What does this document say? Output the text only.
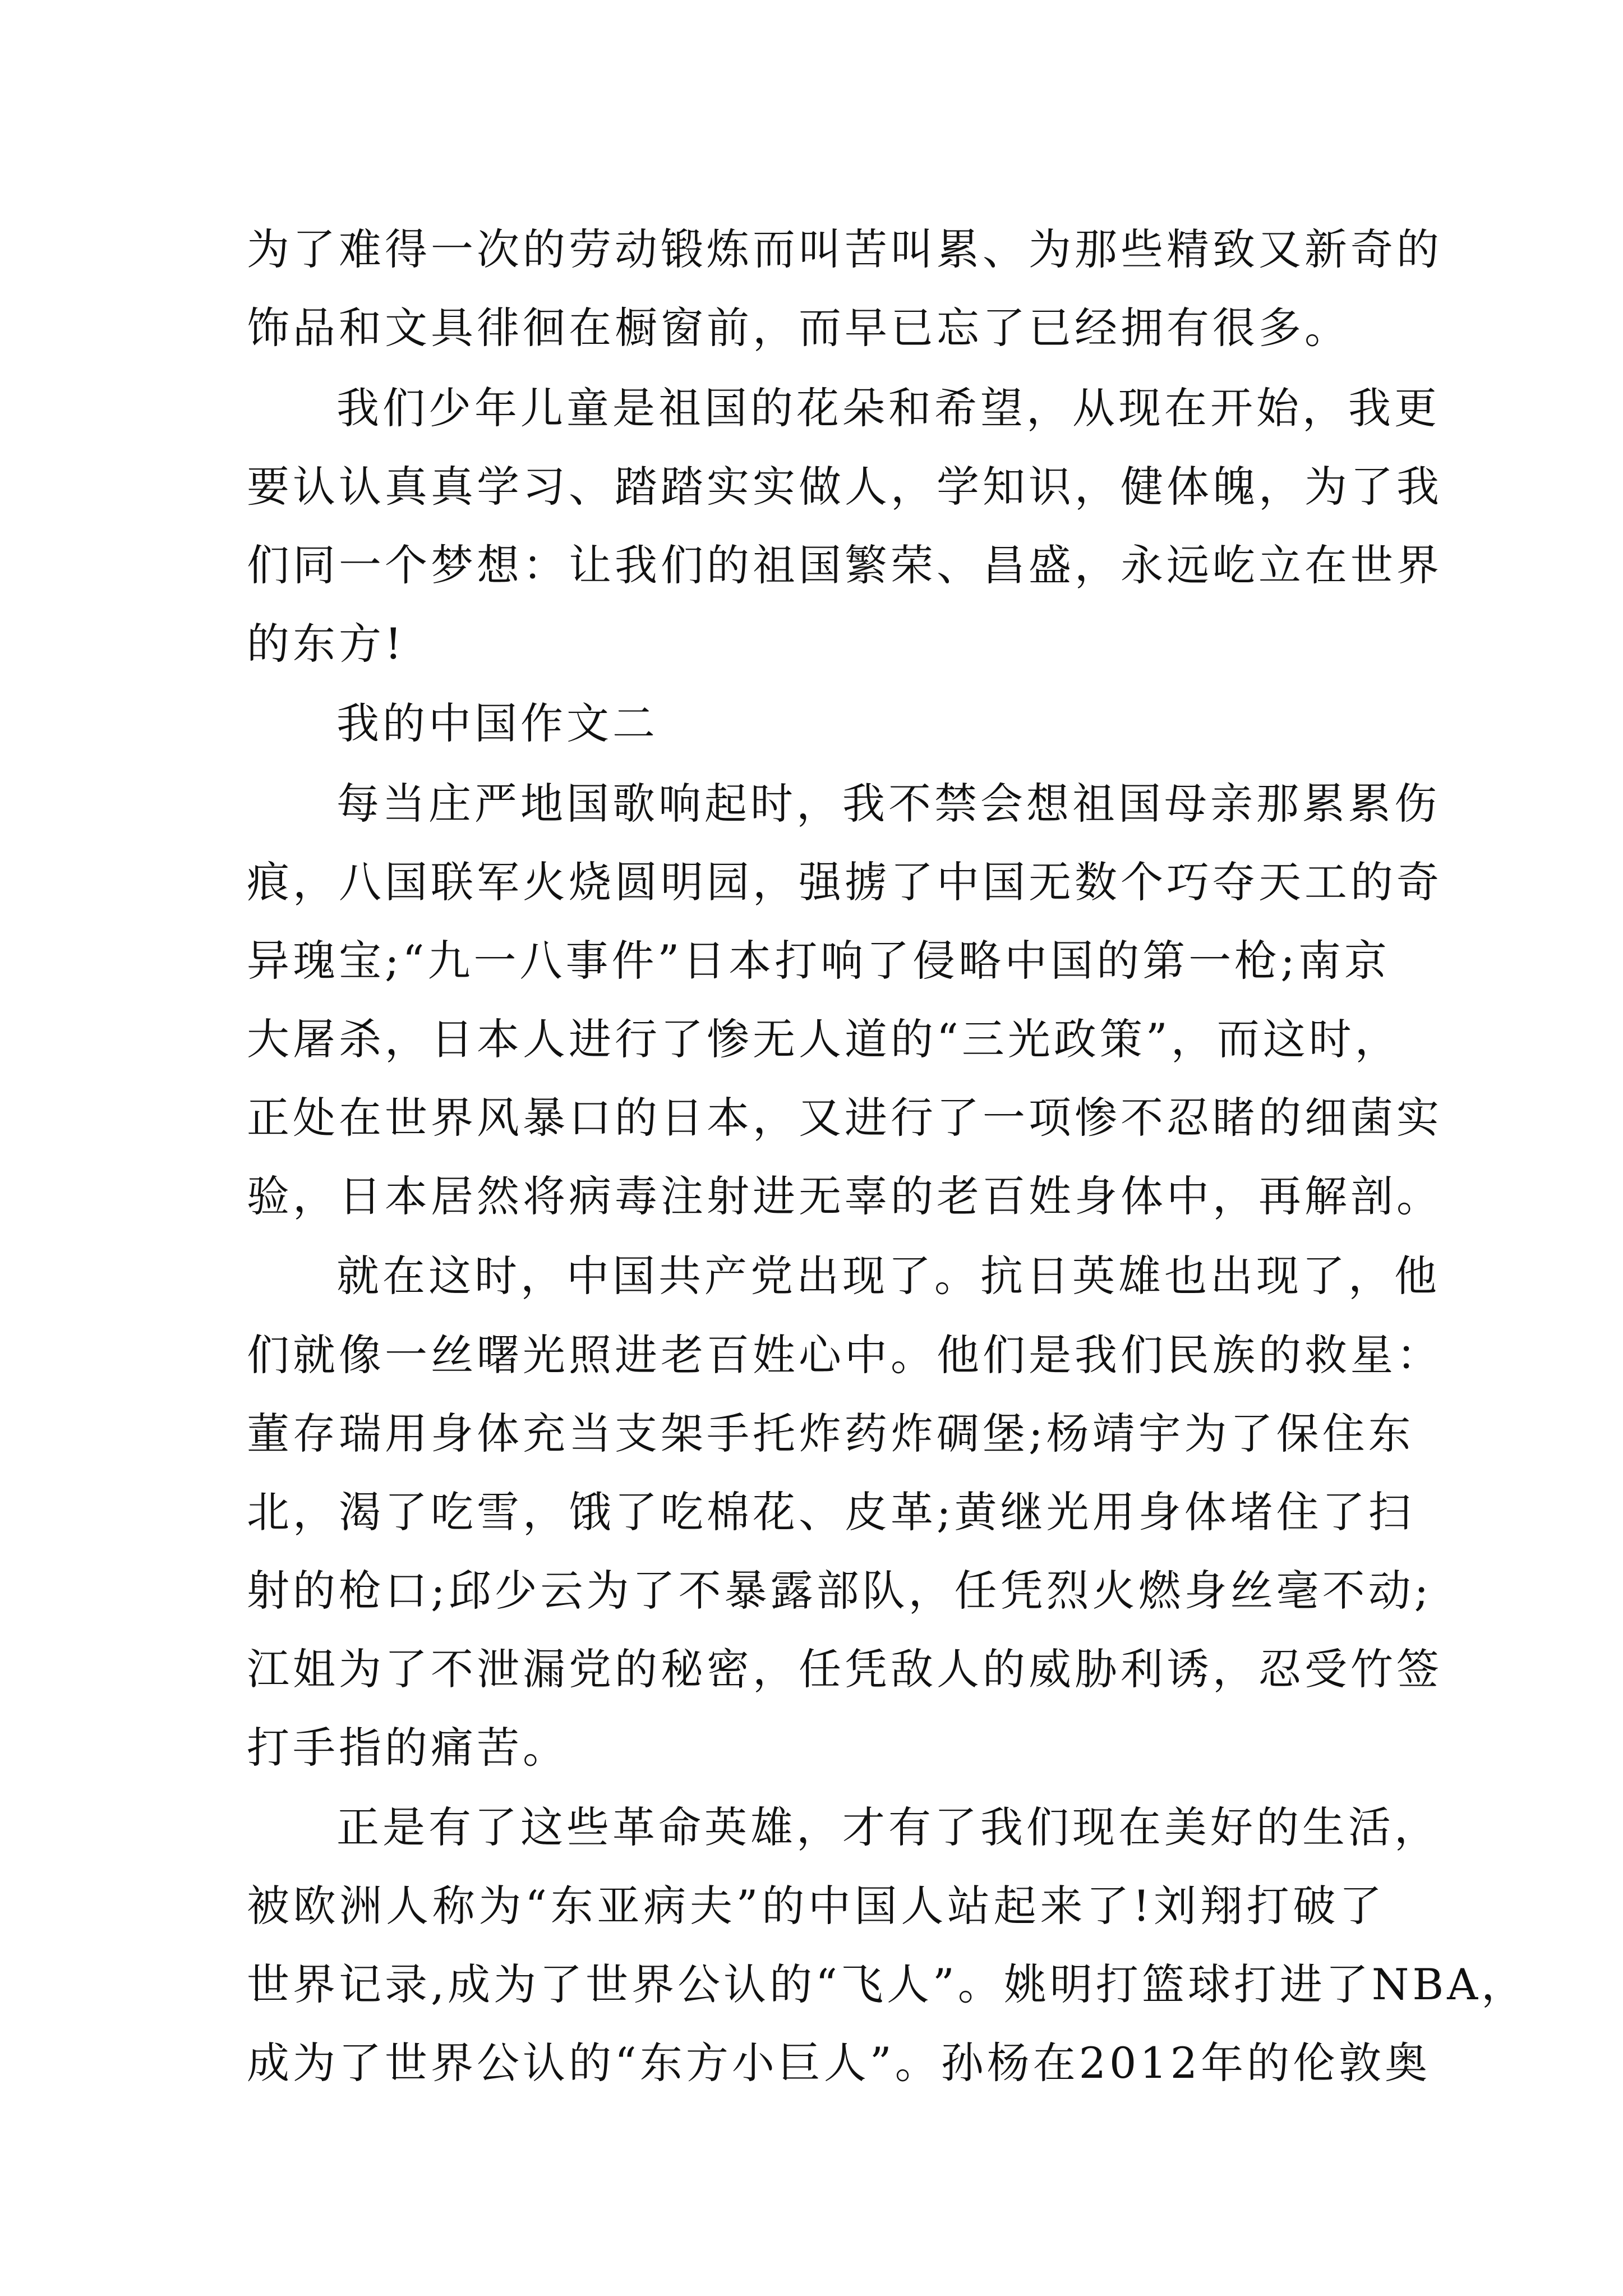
为了难得一次的劳动锻炼而叫苦叫累、为那些精致又新奇的
饰品和文具徘徊在橱窗前，而早已忘了已经拥有很多。
我们少年儿童是祖国的花朵和希望，从现在开始，我更
要认认真真学习、踏踏实实做人，学知识，健体魄，为了我
们同一个梦想：让我们的祖国繁荣、昌盛，永远屹立在世界
的东方!
我的中国作文二
每当庄严地国歌响起时，我不禁会想祖国母亲那累累伤
痕，八国联军火烧圆明园，强掳了中国无数个巧夺天工的奇
异瑰宝;“九一八事件”日本打响了侵略中国的第一枪;南京
大屠杀，日本人进行了惨无人道的“三光政策”，而这时，
正处在世界风暴口的日本，又进行了一项惨不忍睹的细菌实
验，日本居然将病毒注射进无辜的老百姓身体中，再解剖。
就在这时，中国共产党出现了。抗日英雄也出现了，他
们就像一丝曙光照进老百姓心中。他们是我们民族的救星：
董存瑞用身体充当支架手托炸药炸碉堡;杨靖宇为了保住东
北，渴了吃雪，饿了吃棉花、皮革;黄继光用身体堵住了扫
射的枪口;邱少云为了不暴露部队，任凭烈火燃身丝毫不动;
江姐为了不泄漏党的秘密，任凭敌人的威胁利诱，忍受竹签
打手指的痛苦。
正是有了这些革命英雄，才有了我们现在美好的生活，
被欧洲人称为“东亚病夫”的中国人站起来了!刘翔打破了
世界记录,成为了世界公认的“飞人”。姚明打篮球打进了NBA，
成为了世界公认的“东方小巨人”。孙杨在2012年的伦敦奥
